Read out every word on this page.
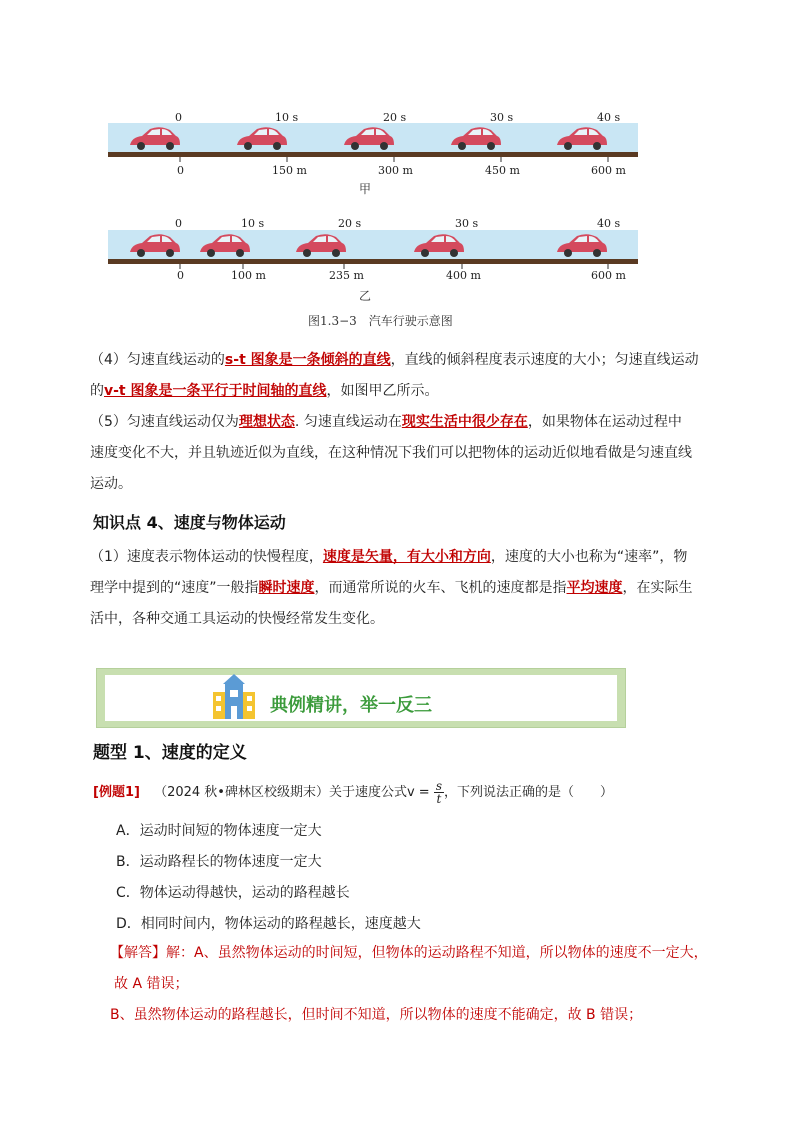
0	10 s	20 s	30 s	40 s
0	150 m	300 m	450 m	600 m
甲
0	10 s	20 s	30 s	40 s
0	100 m	235 m	400 m	600 m
乙
图1.3−3　汽车行驶示意图
（4）匀速直线运动的s-t 图象是一条倾斜的直线，直线的倾斜程度表示速度的大小；匀速直线运动
的v-t 图象是一条平行于时间轴的直线，如图甲乙所示。
（5）匀速直线运动仅为理想状态. 匀速直线运动在现实生活中很少存在，如果物体在运动过程中
速度变化不大，并且轨迹近似为直线，在这种情况下我们可以把物体的运动近似地看做是匀速直线
运动。
知识点 4、速度与物体运动
（1）速度表示物体运动的快慢程度，速度是矢量，有大小和方向，速度的大小也称为“速率”，物
理学中提到的“速度”一般指瞬时速度，而通常所说的火车、飞机的速度都是指平均速度，在实际生
活中，各种交通工具运动的快慢经常发生变化。
典例精讲，举一反三
题型 1、速度的定义
[例题1] （2024 秋•碑林区校级期末）关于速度公式$v = \frac{s}{t}$ ，下列说法正确的是（　　）
A．运动时间短的物体速度一定大
B．运动路程长的物体速度一定大
C．物体运动得越快，运动的路程越长
D．相同时间内，物体运动的路程越长，速度越大
【解答】解：A、虽然物体运动的时间短，但物体的运动路程不知道，所以物体的速度不一定大，
故 A 错误；
B、虽然物体运动的路程越长，但时间不知道，所以物体的速度不能确定，故 B 错误；
